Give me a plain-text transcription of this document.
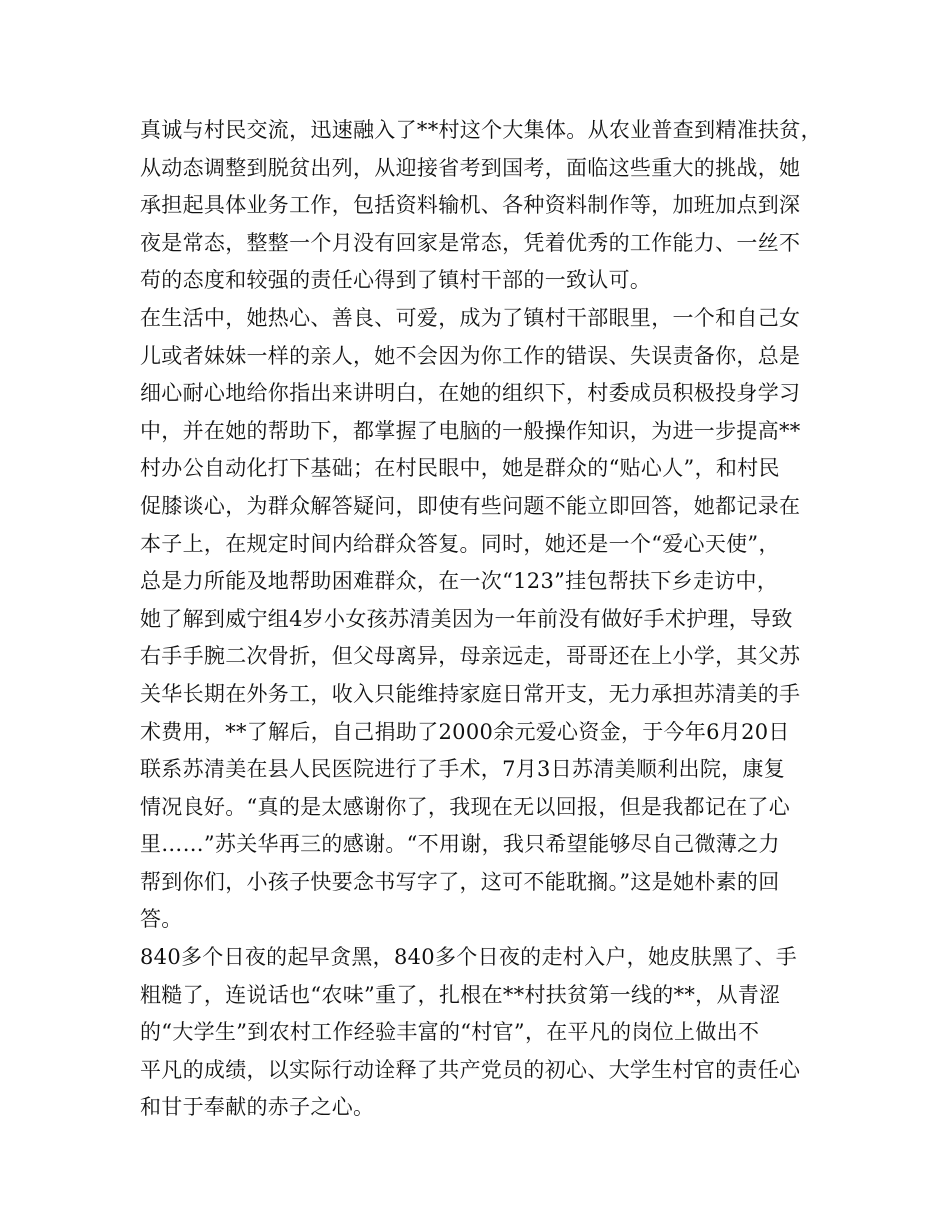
真诚与村民交流，迅速融入了**村这个大集体。从农业普查到精准扶贫，
从动态调整到脱贫出列，从迎接省考到国考，面临这些重大的挑战，她
承担起具体业务工作，包括资料输机、各种资料制作等，加班加点到深
夜是常态，整整一个月没有回家是常态，凭着优秀的工作能力、一丝不
苟的态度和较强的责任心得到了镇村干部的一致认可。
在生活中，她热心、善良、可爱，成为了镇村干部眼里，一个和自己女
儿或者妹妹一样的亲人，她不会因为你工作的错误、失误责备你，总是
细心耐心地给你指出来讲明白，在她的组织下，村委成员积极投身学习
中，并在她的帮助下，都掌握了电脑的一般操作知识，为进一步提高**
村办公自动化打下基础；在村民眼中，她是群众的“贴心人”，和村民
促膝谈心，为群众解答疑问，即使有些问题不能立即回答，她都记录在
本子上，在规定时间内给群众答复。同时，她还是一个“爱心天使”，
总是力所能及地帮助困难群众，在一次“123”挂包帮扶下乡走访中，
她了解到威宁组4岁小女孩苏清美因为一年前没有做好手术护理，导致
右手手腕二次骨折，但父母离异，母亲远走，哥哥还在上小学，其父苏
关华长期在外务工，收入只能维持家庭日常开支，无力承担苏清美的手
术费用，**了解后，自己捐助了2000余元爱心资金，于今年6月20日
联系苏清美在县人民医院进行了手术，7月3日苏清美顺利出院，康复
情况良好。“真的是太感谢你了，我现在无以回报，但是我都记在了心
里……”苏关华再三的感谢。“不用谢，我只希望能够尽自己微薄之力
帮到你们，小孩子快要念书写字了，这可不能耽搁。”这是她朴素的回
答。
840多个日夜的起早贪黑，840多个日夜的走村入户，她皮肤黑了、手
粗糙了，连说话也“农味”重了，扎根在**村扶贫第一线的**，从青涩
的“大学生”到农村工作经验丰富的“村官”，在平凡的岗位上做出不
平凡的成绩，以实际行动诠释了共产党员的初心、大学生村官的责任心
和甘于奉献的赤子之心。
